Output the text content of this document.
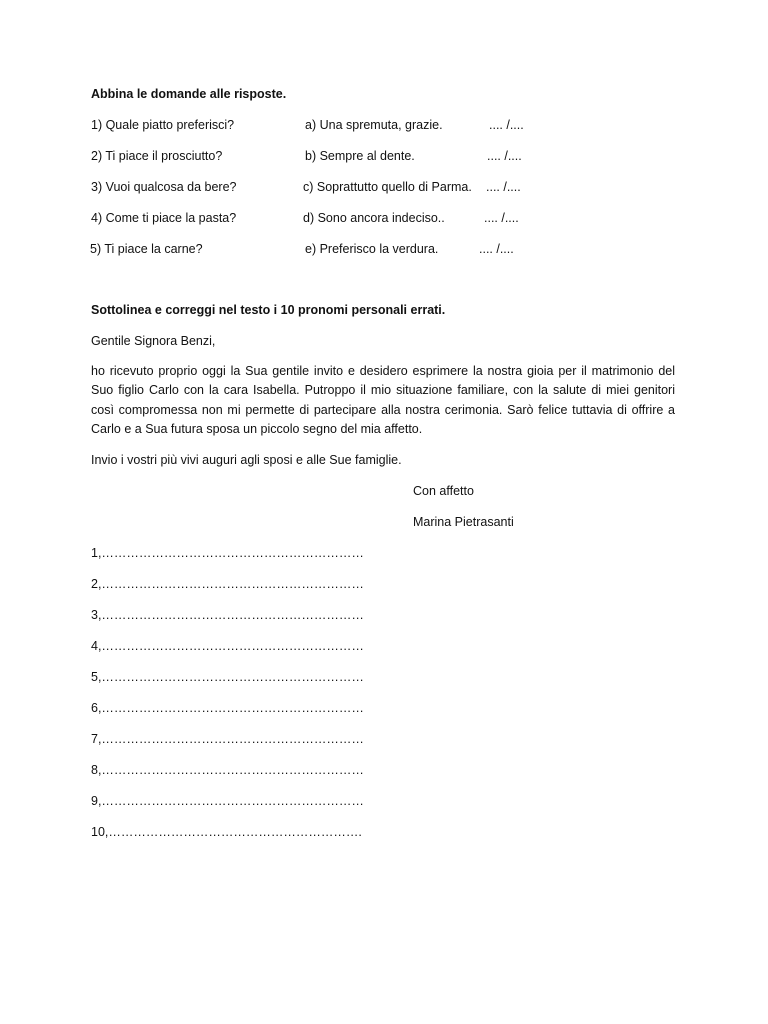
Abbina le domande alle risposte.
1) Quale piatto preferisci?	a) Una spremuta, grazie.	.... /....
2) Ti piace il prosciutto?	b) Sempre al dente.	.... /....
3) Vuoi qualcosa da bere?	c) Soprattutto quello di Parma. .... /....
4) Come ti piace la pasta?	d) Sono ancora indeciso..	.... /....
5) Ti piace la carne?	e) Preferisco la verdura.	.... /....
Sottolinea e correggi nel testo i 10 pronomi personali errati.
Gentile Signora Benzi,
ho ricevuto proprio oggi la Sua gentile invito e desidero esprimere la nostra gioia per il matrimonio del Suo figlio Carlo con la cara Isabella. Putroppo il mio situazione familiare, con la salute di miei genitori così compromessa non mi permette di partecipare alla nostra cerimonia. Sarò felice tuttavia di offrire a Carlo e a Sua futura sposa un piccolo segno del mia affetto.
Invio i vostri più vivi auguri agli sposi e alle Sue famiglie.
Con affetto
Marina Pietrasanti
1,………………………………………………………
2,………………………………………………………
3,………………………………………………………
4,………………………………………………………
5,………………………………………………………
6,………………………………………………………
7,………………………………………………………
8,………………………………………………………
9,………………………………………………………
10,…………………………………………………….
